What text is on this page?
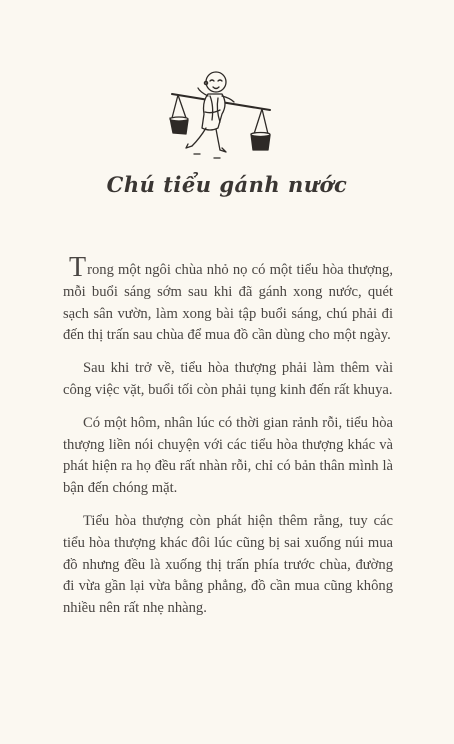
Chú tiểu gánh nước

Trong một ngôi chùa nhỏ nọ có một tiểu hòa thượng, mỗi buổi sáng sớm sau khi đã gánh xong nước, quét sạch sân vườn, làm xong bài tập buổi sáng, chú phải đi đến thị trấn sau chùa để mua đồ cần dùng cho một ngày.

Sau khi trở về, tiểu hòa thượng phải làm thêm vài công việc vặt, buổi tối còn phải tụng kinh đến rất khuya.

Có một hôm, nhân lúc có thời gian rảnh rỗi, tiểu hòa thượng liền nói chuyện với các tiểu hòa thượng khác và phát hiện ra họ đều rất nhàn rỗi, chỉ có bản thân mình là bận đến chóng mặt.

Tiểu hòa thượng còn phát hiện thêm rằng, tuy các tiểu hòa thượng khác đôi lúc cũng bị sai xuống núi mua đồ nhưng đều là xuống thị trấn phía trước chùa, đường đi vừa gần lại vừa bằng phẳng, đồ cần mua cũng không nhiều nên rất nhẹ nhàng.
